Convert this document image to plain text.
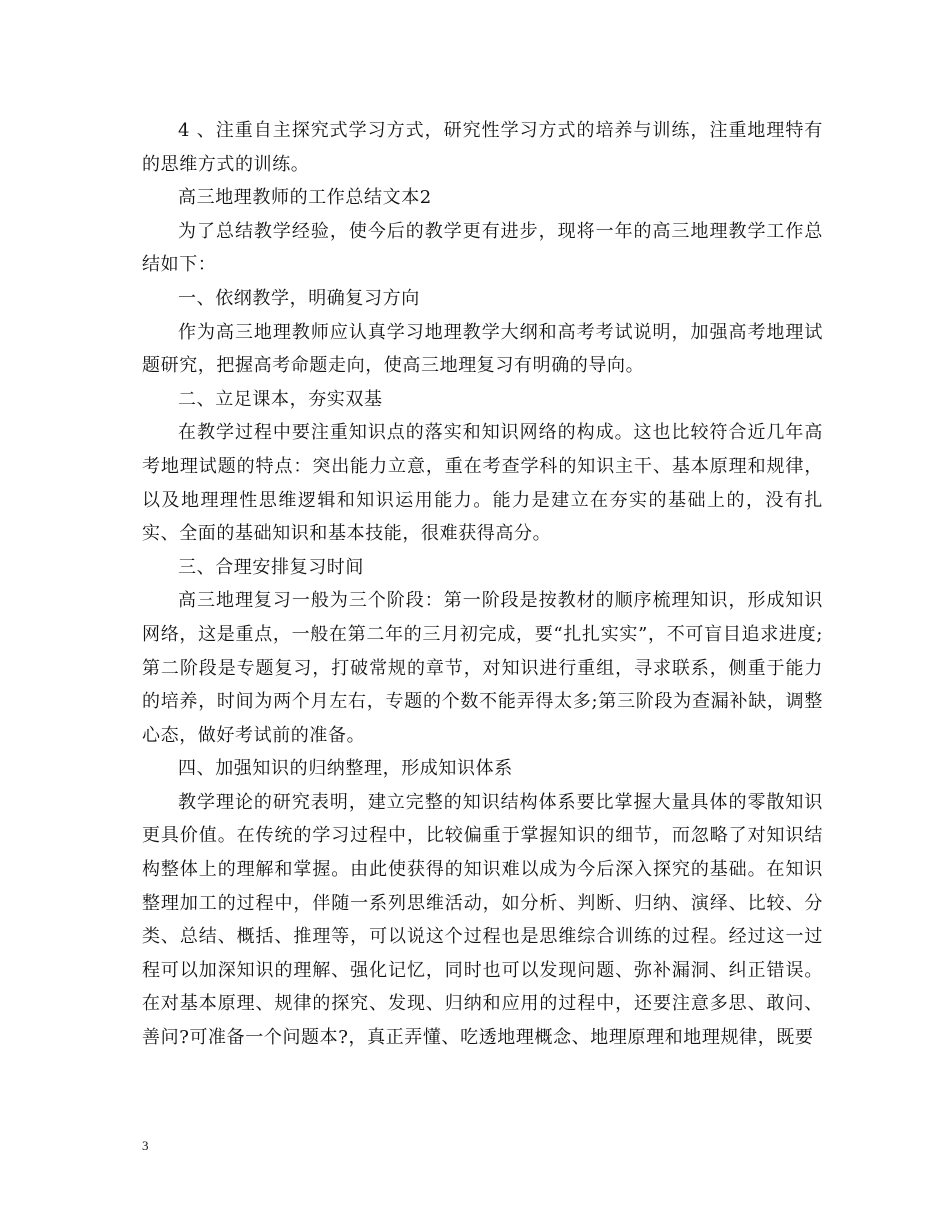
4 、注重自主探究式学习方式，研究性学习方式的培养与训练，注重地理特有的思维方式的训练。

高三地理教师的工作总结文本2

为了总结教学经验，使今后的教学更有进步，现将一年的高三地理教学工作总结如下：

一、依纲教学，明确复习方向

作为高三地理教师应认真学习地理教学大纲和高考考试说明，加强高考地理试题研究，把握高考命题走向，使高三地理复习有明确的导向。

二、立足课本，夯实双基

在教学过程中要注重知识点的落实和知识网络的构成。这也比较符合近几年高考地理试题的特点：突出能力立意，重在考查学科的知识主干、基本原理和规律，以及地理理性思维逻辑和知识运用能力。能力是建立在夯实的基础上的，没有扎实、全面的基础知识和基本技能，很难获得高分。

三、合理安排复习时间

高三地理复习一般为三个阶段：第一阶段是按教材的顺序梳理知识，形成知识网络，这是重点，一般在第二年的三月初完成，要“扎扎实实”，不可盲目追求进度;第二阶段是专题复习，打破常规的章节，对知识进行重组，寻求联系，侧重于能力的培养，时间为两个月左右，专题的个数不能弄得太多;第三阶段为查漏补缺，调整心态，做好考试前的准备。

四、加强知识的归纳整理，形成知识体系

教学理论的研究表明，建立完整的知识结构体系要比掌握大量具体的零散知识更具价值。在传统的学习过程中，比较偏重于掌握知识的细节，而忽略了对知识结构整体上的理解和掌握。由此使获得的知识难以成为今后深入探究的基础。在知识整理加工的过程中，伴随一系列思维活动，如分析、判断、归纳、演绎、比较、分类、总结、概括、推理等，可以说这个过程也是思维综合训练的过程。经过这一过程可以加深知识的理解、强化记忆，同时也可以发现问题、弥补漏洞、纠正错误。在对基本原理、规律的探究、发现、归纳和应用的过程中，还要注意多思、敢问、善问?可准备一个问题本?，真正弄懂、吃透地理概念、地理原理和地理规律，既要

3
